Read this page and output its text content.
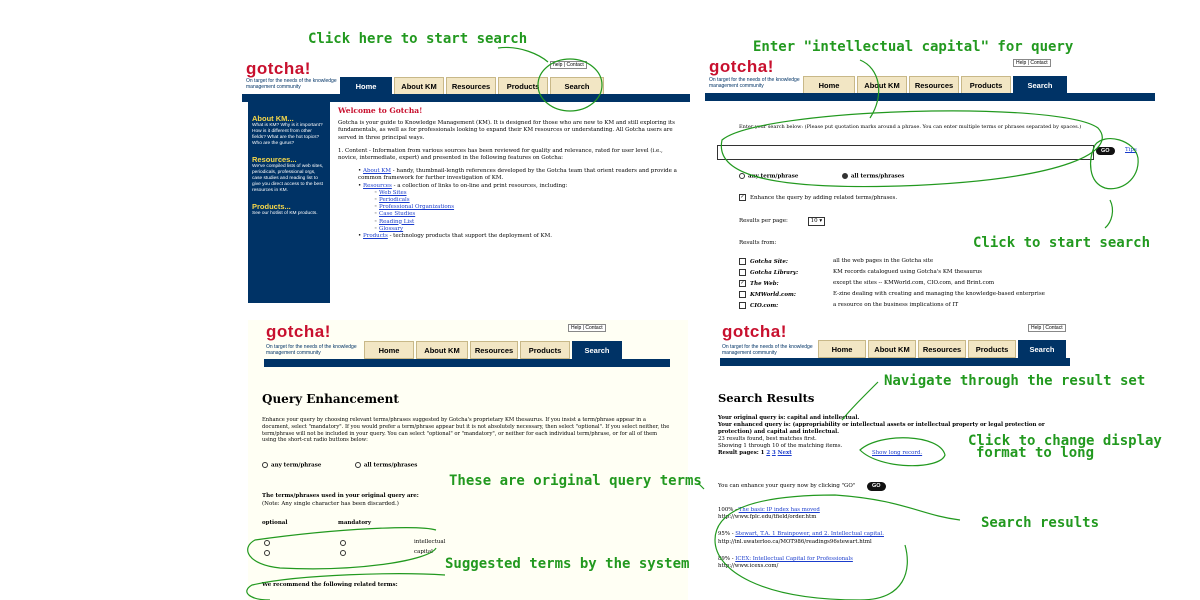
gotcha!
On target for the needs of the knowledge management community
help | Contact
Home	About KM	Resources	Products	Search
About KM...
What is KM? Why is it important? How is it different from other fields? What are the hot topics? Who are the gurus?
Resources...
We've compiled lists of web sites, periodicals, professional orgs, case studies and reading list to give you direct access to the best resources in KM.
Products...
See our hotlist of KM products.
Welcome to Gotcha!
Gotcha is your guide to Knowledge Management (KM). It is designed for those who are new to KM and still exploring its fundamentals, as well as for professionals looking to expand their KM resources or understanding. All Gotcha users are served in three principal ways.
1. Content - Information from various sources has been reviewed for quality and relevance, rated for user level (i.e., novice, intermediate, expert) and presented in the following features on Gotcha:
• About KM - handy, thumbnail-length references developed by the Gotcha team that orient readers and provide a common framework for further investigation of KM.
• Resources - a collection of links to on-line and print resources, including:
◦ Web Sites
◦ Periodicals
◦ Professional Organizations
◦ Case Studies
◦ Reading List
◦ Glossary
• Products - technology products that support the deployment of KM.
gotcha!
On target for the needs of the knowledge management community
Help | Contact
Home	About KM	Resources	Products	Search
Enter your search below: (Please put quotation marks around a phrase. You can enter multiple terms or phrases separated by spaces.)
GO	Tips
any term/phrase	all terms/phrases
✓ Enhance the query by adding related terms/phrases.
Results per page:	10 ▾
Results from:
Gotcha Site:	all the web pages in the Gotcha site
Gotcha Library:	KM records catalogued using Gotcha's KM thesaurus
✓ The Web:	except the sites -- KMWorld.com, CIO.com, and Brint.com
KMWorld.com:	E-zine dealing with creating and managing the knowledge-based enterprise
CIO.com:	a resource on the business implications of IT
gotcha!
On target for the needs of the knowledge management community
Help | Contact
Home	About KM	Resources	Products	Search
Query Enhancement
Enhance your query by choosing relevant terms/phrases suggested by Gotcha's proprietary KM thesaurus. If you insist a term/phrase appear in a document, select "mandatory". If you would prefer a term/phrase appear but it is not absolutely necessary, then select "optional". If you select neither, the term/phrase will not be included in your query. You can select "optional" or "mandatory", or neither for each individual term/phrase, or for all of them using the short-cut radio buttons below:
any term/phrase	all terms/phrases
The terms/phrases used in your original query are:
(Note: Any single character has been discarded.)
optional	mandatory
intellectual
capital
We recommend the following related terms:
gotcha!
On target for the needs of the knowledge management community
Help | Contact
Home	About KM	Resources	Products	Search
Search Results
Your original query is: capital and intellectual.
Your enhanced query is: (appropriability or intellectual assets or intellectual property or legal protection or protection) and capital and intellectual.
23 results found, best matches first.
Showing 1 through 10 of the matching items.
Result pages: 1 2 3 Next	Show long record.
You can enhance your query now by clicking "GO"	GO
100% - The basic IP index has moved
http://www.fplc.edu/tfield/order.htm
95% - Stewart, T.A. 1 Brainpower, and 2. Intellectual capital.
http://inl.uwaterloo.ca/MOT986/readings96stewart.html
89% - ICEX: Intellectual Capital for Professionals
http://www.icexs.com/
Click here to start search	Enter "intellectual capital" for query
Click to start search
These are original query terms
Suggested terms by the system
Navigate through the result set
Click to change display
format to long
Search results
